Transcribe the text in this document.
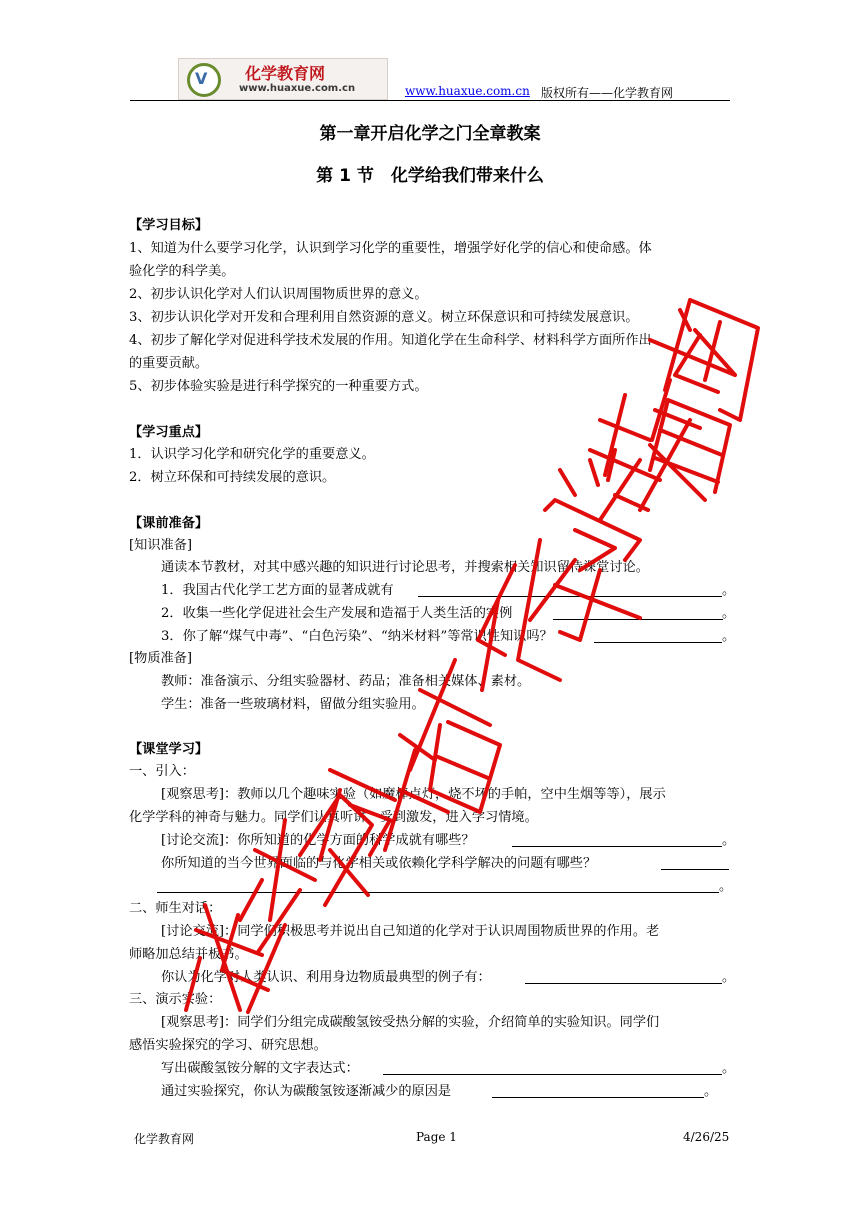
V 化学教育网
www.huaxue.com.cn	www.huaxue.com.cn 版权所有——化学教育网
第一章开启化学之门全章教案
第 1 节　化学给我们带来什么
【学习目标】
1、知道为什么要学习化学，认识到学习化学的重要性，增强学好化学的信心和使命感。体
验化学的科学美。
2、初步认识化学对人们认识周围物质世界的意义。
3、初步认识化学对开发和合理利用自然资源的意义。树立环保意识和可持续发展意识。
4、初步了解化学对促进科学技术发展的作用。知道化学在生命科学、材料科学方面所作出
的重要贡献。
5、初步体验实验是进行科学探究的一种重要方式。
【学习重点】
1．认识学习化学和研究化学的重要意义。
2．树立环保和可持续发展的意识。
【课前准备】
[知识准备]
通读本节教材，对其中感兴趣的知识进行讨论思考，并搜索相关知识留待课堂讨论。
1．我国古代化学工艺方面的显著成就有	。
2．收集一些化学促进社会生产发展和造福于人类生活的实例	。
3．你了解“煤气中毒”、“白色污染”、“纳米材料”等常识性知识吗？	。
[物质准备]
教师：准备演示、分组实验器材、药品；准备相关媒体、素材。
学生：准备一些玻璃材料，留做分组实验用。
【课堂学习】
一、引入：
[观察思考]：教师以几个趣味实验（如魔棒点灯，烧不坏的手帕，空中生烟等等），展示
化学学科的神奇与魅力。同学们认真听讲、受到激发，进入学习情境。
[讨论交流]：你所知道的化学方面的科学成就有哪些？	。
你所知道的当今世界面临的与化学相关或依赖化学科学解决的问题有哪些？
。
二、师生对话：
[讨论交流]：同学们积极思考并说出自己知道的化学对于认识周围物质世界的作用。老
师略加总结并板书。
你认为化学对人类认识、利用身边物质最典型的例子有：	。
三、演示实验：
[观察思考]：同学们分组完成碳酸氢铵受热分解的实验，介绍简单的实验知识。同学们
感悟实验探究的学习、研究思想。
写出碳酸氢铵分解的文字表达式：	。
通过实验探究，你认为碳酸氢铵逐渐减少的原因是	。
化学教育网	Page 1	4/26/25
